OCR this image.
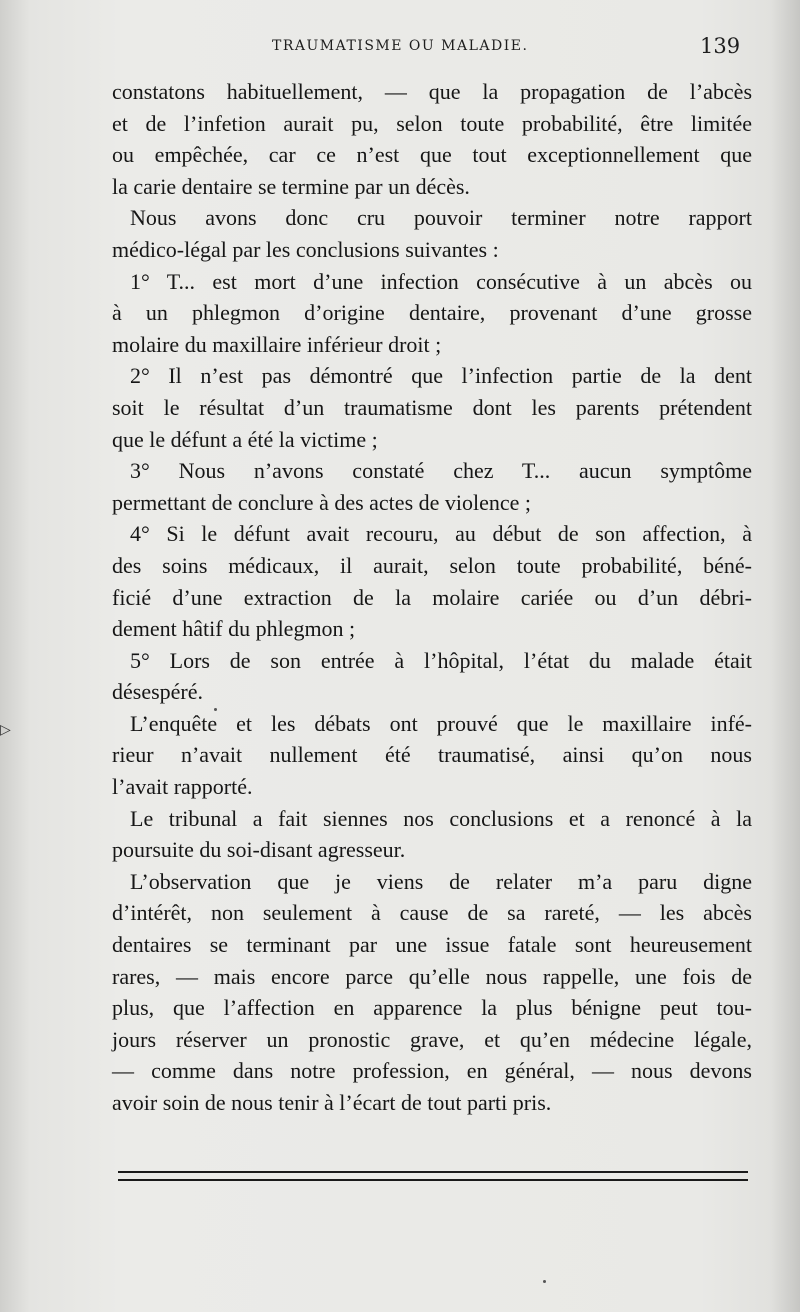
TRAUMATISME OU MALADIE.	139
constatons habituellement, — que la propagation de l’abcès
et de l’infetion aurait pu, selon toute probabilité, être limitée
ou empêchée, car ce n’est que tout exceptionnellement que
la carie dentaire se termine par un décès.
Nous avons donc cru pouvoir terminer notre rapport
médico-légal par les conclusions suivantes :
1° T... est mort d’une infection consécutive à un abcès ou
à un phlegmon d’origine dentaire, provenant d’une grosse
molaire du maxillaire inférieur droit ;
2° Il n’est pas démontré que l’infection partie de la dent
soit le résultat d’un traumatisme dont les parents prétendent
que le défunt a été la victime ;
3° Nous n’avons constaté chez T... aucun symptôme
permettant de conclure à des actes de violence ;
4° Si le défunt avait recouru, au début de son affection, à
des soins médicaux, il aurait, selon toute probabilité, béné-
ficié d’une extraction de la molaire cariée ou d’un débri-
dement hâtif du phlegmon ;
5° Lors de son entrée à l’hôpital, l’état du malade était
désespéré.
L’enquête et les débats ont prouvé que le maxillaire infé-
rieur n’avait nullement été traumatisé, ainsi qu’on nous
l’avait rapporté.
Le tribunal a fait siennes nos conclusions et a renoncé à la
poursuite du soi-disant agresseur.
L’observation que je viens de relater m’a paru digne
d’intérêt, non seulement à cause de sa rareté, — les abcès
dentaires se terminant par une issue fatale sont heureusement
rares, — mais encore parce qu’elle nous rappelle, une fois de
plus, que l’affection en apparence la plus bénigne peut tou-
jours réserver un pronostic grave, et qu’en médecine légale,
— comme dans notre profession, en général, — nous devons
avoir soin de nous tenir à l’écart de tout parti pris.
▷
